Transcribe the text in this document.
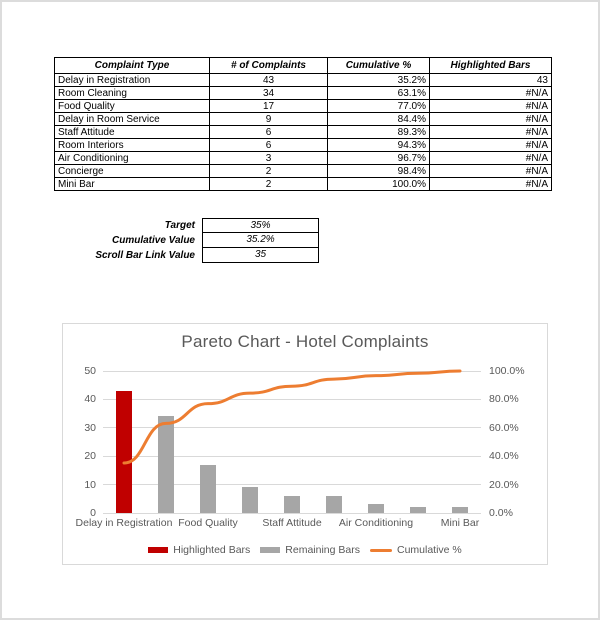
Complaint Type	# of Complaints	Cumulative %	Highlighted Bars
Delay in Registration	43	35.2%	43
Room Cleaning	34	63.1%	#N/A
Food Quality	17	77.0%	#N/A
Delay in Room Service	9	84.4%	#N/A
Staff Attitude	6	89.3%	#N/A
Room Interiors	6	94.3%	#N/A
Air Conditioning	3	96.7%	#N/A
Concierge	2	98.4%	#N/A
Mini Bar	2	100.0%	#N/A
Target	35%
Cumulative Value	35.2%
Scroll Bar Link Value	35
Pareto Chart - Hotel Complaints
0	0.0%
10	20.0%
20	40.0%
30	60.0%
40	80.0%
50	100.0%
Delay in Registration Food Quality Staff Attitude Air Conditioning	Mini Bar
Highlighted Bars	Remaining Bars	Cumulative %
